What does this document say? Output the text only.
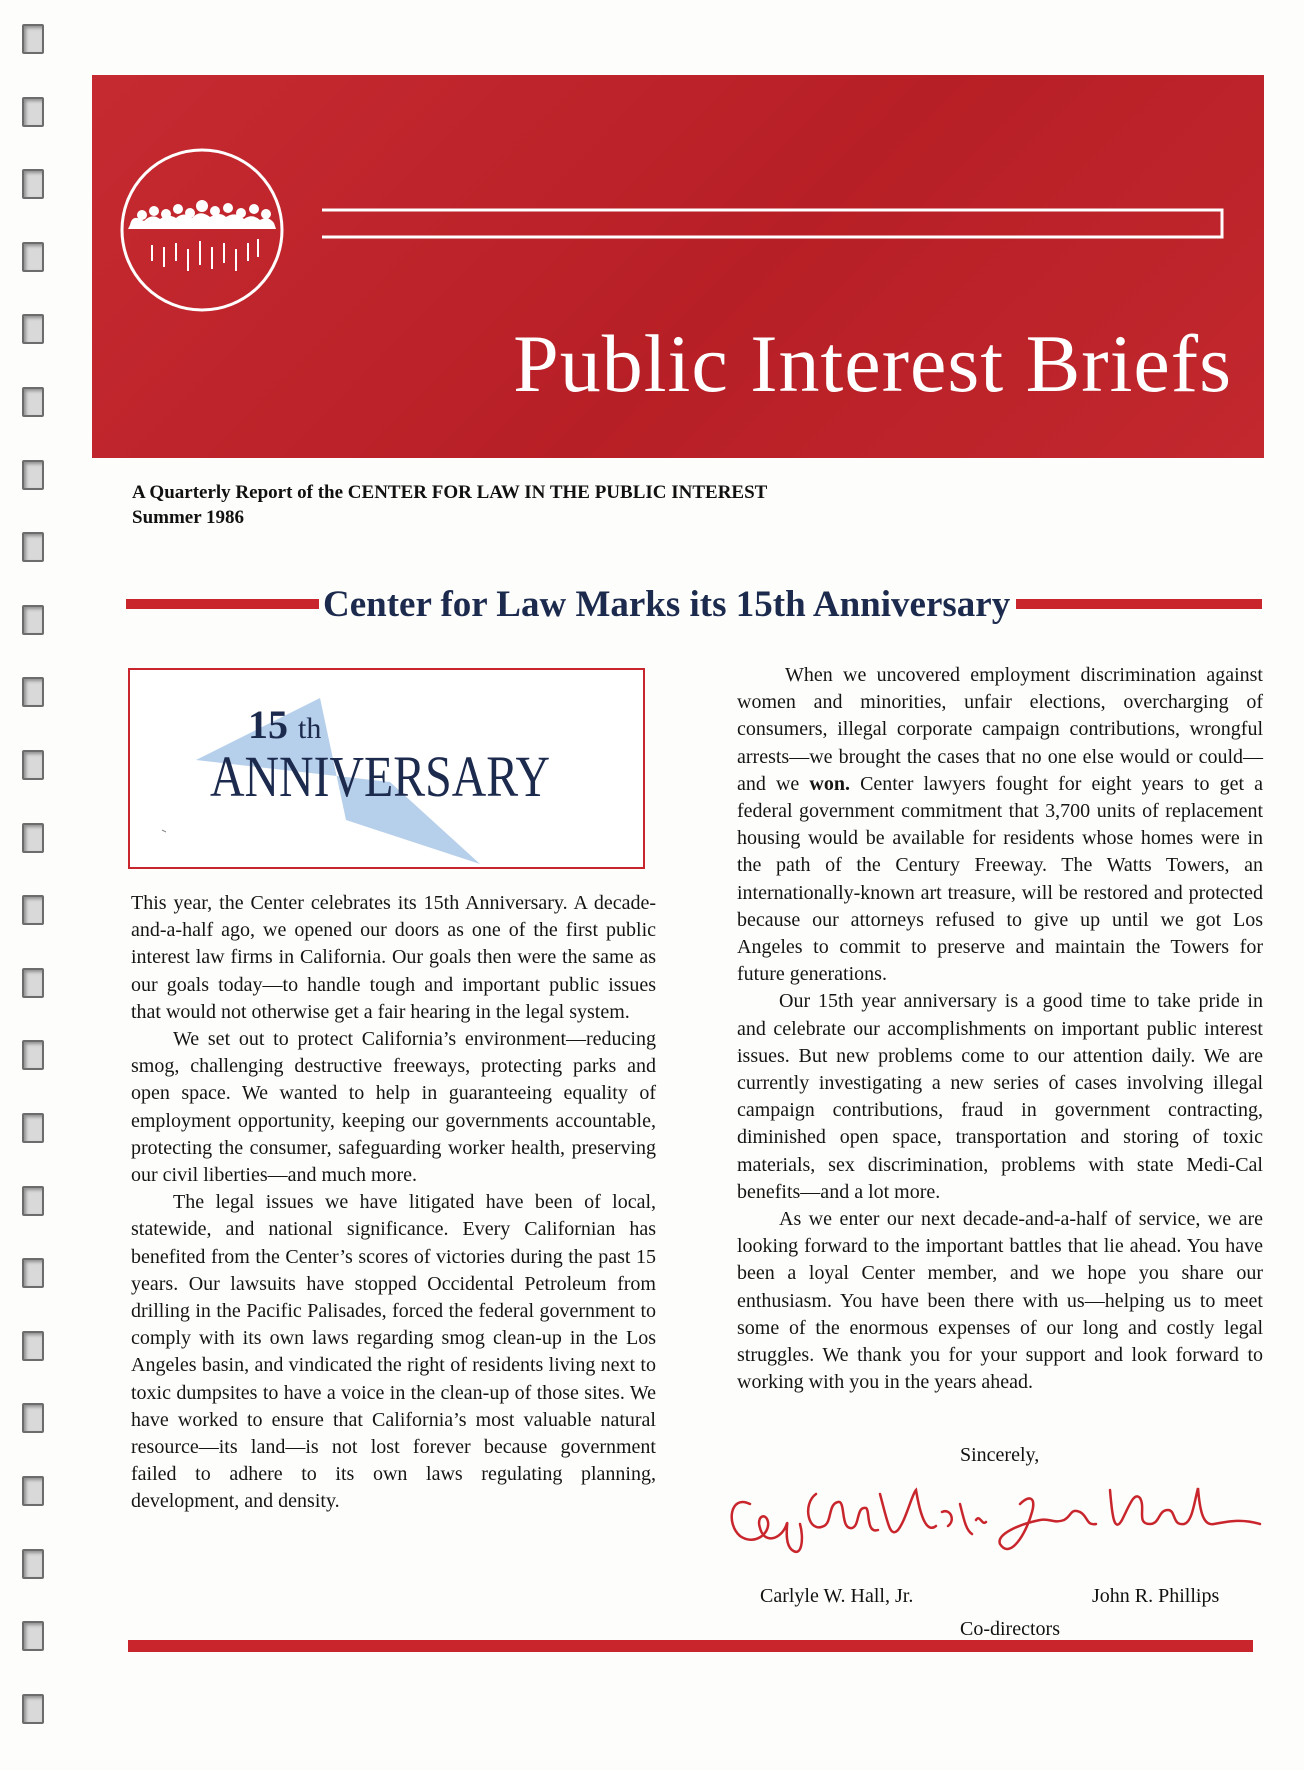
Public Interest Briefs
A Quarterly Report of the CENTER FOR LAW IN THE PUBLIC INTEREST
Summer 1986
Center for Law Marks its 15th Anniversary
15 th
ANNIVERSARY

This year, the Center celebrates its 15th Anniversary. A decade-and-a-half ago, we opened our doors as one of the first public interest law firms in California. Our goals then were the same as our goals today—to handle tough and important public issues that would not otherwise get a fair hearing in the legal system.

We set out to protect California’s environment—reducing smog, challenging destructive freeways, protecting parks and open space. We wanted to help in guaranteeing equality of employment opportunity, keeping our governments accountable, protecting the consumer, safeguarding worker health, preserving our civil liberties—and much more.

The legal issues we have litigated have been of local, statewide, and national significance. Every Californian has benefited from the Center’s scores of victories during the past 15 years. Our lawsuits have stopped Occidental Petroleum from drilling in the Pacific Palisades, forced the federal government to comply with its own laws regarding smog clean-up in the Los Angeles basin, and vindicated the right of residents living next to toxic dumpsites to have a voice in the clean-up of those sites. We have worked to ensure that California’s most valuable natural resource—its land—is not lost forever because government failed to adhere to its own laws regulating planning, development, and density.

When we uncovered employment discrimination against women and minorities, unfair elections, overcharging of consumers, illegal corporate campaign contributions, wrongful arrests—we brought the cases that no one else would or could—and we won. Center lawyers fought for eight years to get a federal government commitment that 3,700 units of replacement housing would be available for residents whose homes were in the path of the Century Freeway. The Watts Towers, an internationally-known art treasure, will be restored and protected because our attorneys refused to give up until we got Los Angeles to commit to preserve and maintain the Towers for future generations.

Our 15th year anniversary is a good time to take pride in and celebrate our accomplishments on important public interest issues. But new problems come to our attention daily. We are currently investigating a new series of cases involving illegal campaign contributions, fraud in government contracting, diminished open space, transportation and storing of toxic materials, sex discrimination, problems with state Medi-Cal benefits—and a lot more.

As we enter our next decade-and-a-half of service, we are looking forward to the important battles that lie ahead. You have been a loyal Center member, and we hope you share our enthusiasm. You have been there with us—helping us to meet some of the enormous expenses of our long and costly legal struggles. We thank you for your support and look forward to working with you in the years ahead.

Sincerely,
Carlyle W. Hall, Jr.	John R. Phillips
Co-directors
